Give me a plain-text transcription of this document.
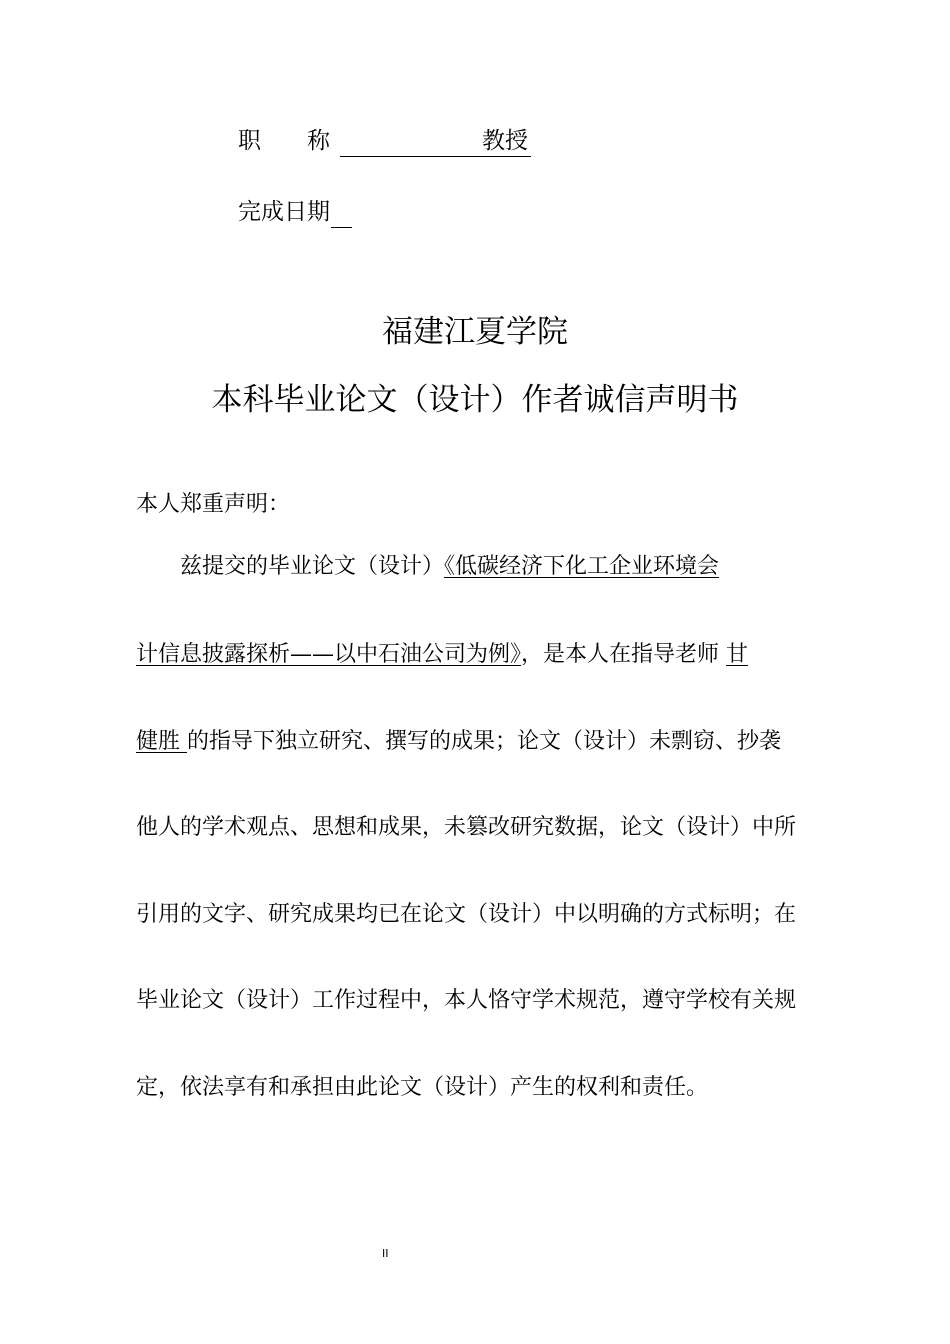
职　　称	教授
完成日期
福建江夏学院
本科毕业论文（设计）作者诚信声明书
本人郑重声明：
兹提交的毕业论文（设计）《低碳经济下化工企业环境会
计信息披露探析——以中石油公司为例》，是本人在指导老师 甘
健胜 的指导下独立研究、撰写的成果；论文（设计）未剽窃、抄袭
他人的学术观点、思想和成果，未篡改研究数据，论文（设计）中所
引用的文字、研究成果均已在论文（设计）中以明确的方式标明；在
毕业论文（设计）工作过程中，本人恪守学术规范，遵守学校有关规
定，依法享有和承担由此论文（设计）产生的权利和责任。
II
